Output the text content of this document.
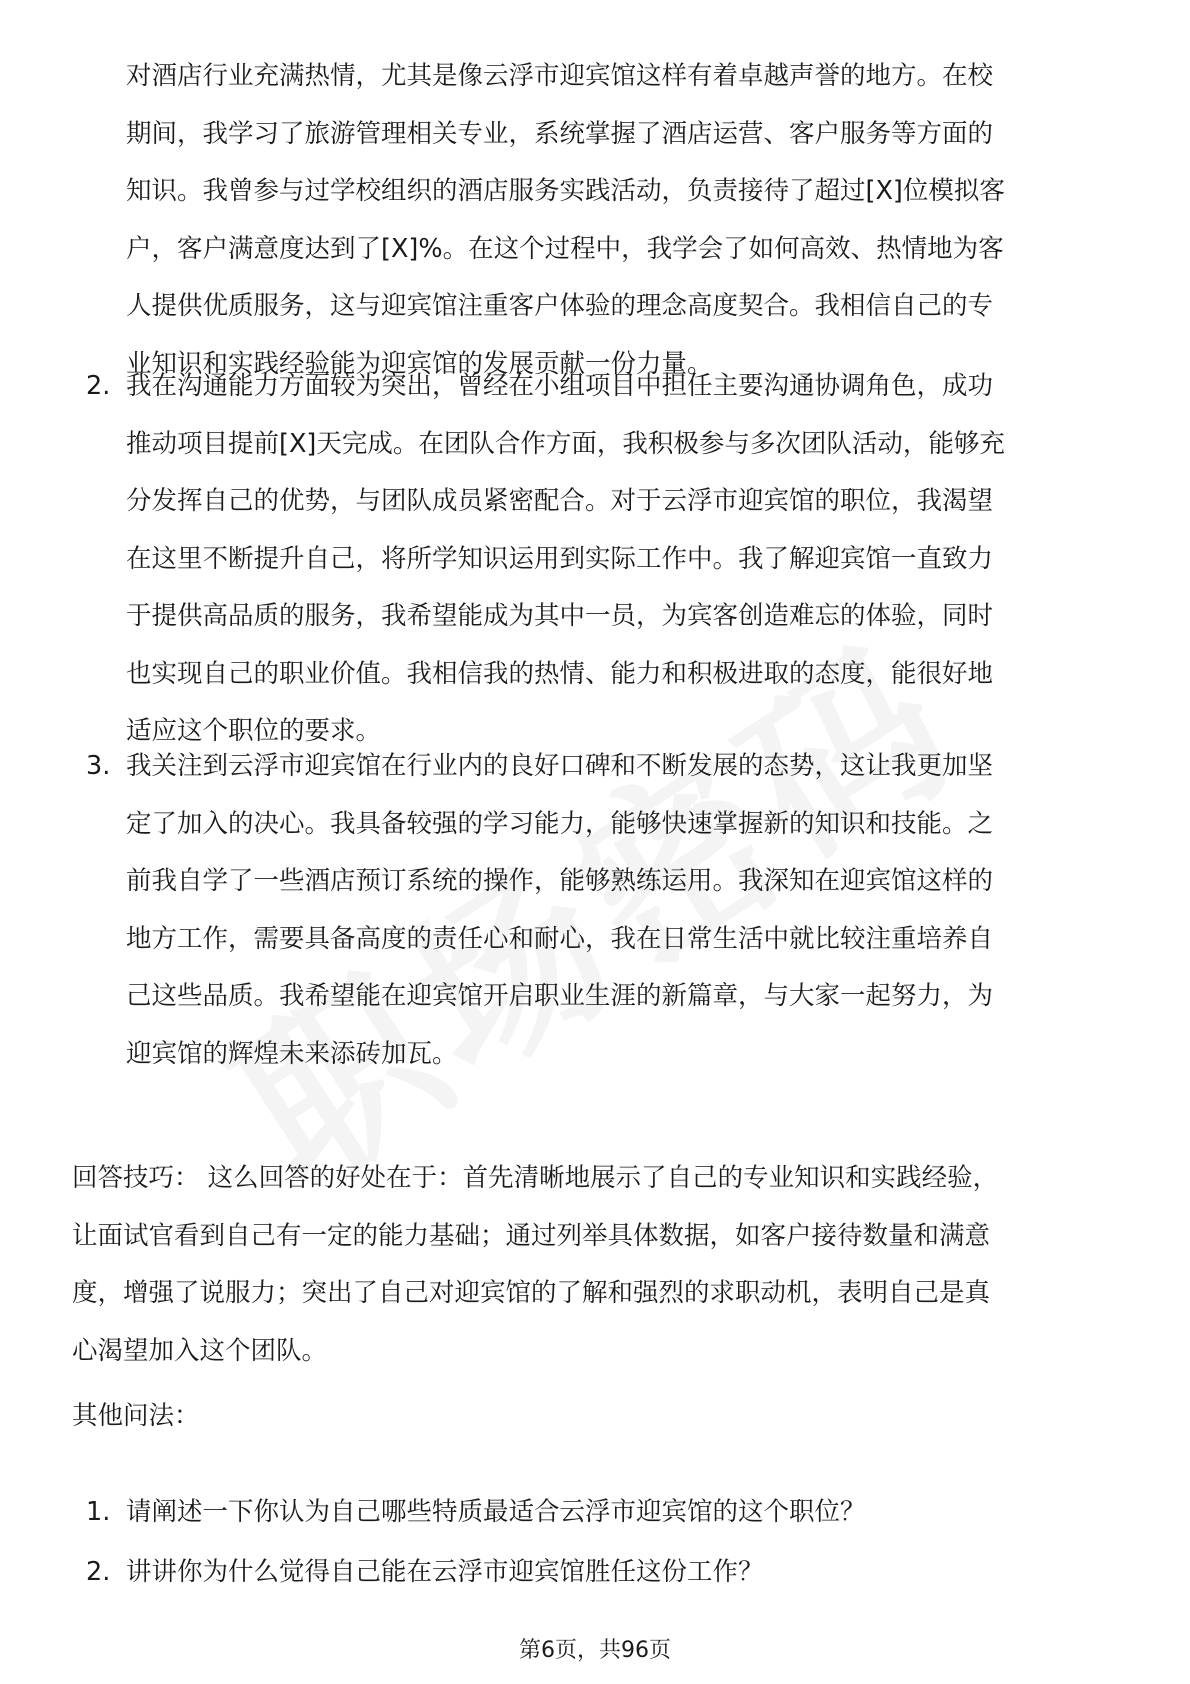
对酒店行业充满热情，尤其是像云浮市迎宾馆这样有着卓越声誉的地方。在校
期间，我学习了旅游管理相关专业，系统掌握了酒店运营、客户服务等方面的
知识。我曾参与过学校组织的酒店服务实践活动，负责接待了超过[X]位模拟客
户，客户满意度达到了[X]%。在这个过程中，我学会了如何高效、热情地为客
人提供优质服务，这与迎宾馆注重客户体验的理念高度契合。我相信自己的专
业知识和实践经验能为迎宾馆的发展贡献一份力量。
2. 我在沟通能力方面较为突出，曾经在小组项目中担任主要沟通协调角色，成功
推动项目提前[X]天完成。在团队合作方面，我积极参与多次团队活动，能够充
分发挥自己的优势，与团队成员紧密配合。对于云浮市迎宾馆的职位，我渴望
在这里不断提升自己，将所学知识运用到实际工作中。我了解迎宾馆一直致力
于提供高品质的服务，我希望能成为其中一员，为宾客创造难忘的体验，同时
也实现自己的职业价值。我相信我的热情、能力和积极进取的态度，能很好地
适应这个职位的要求。
3. 我关注到云浮市迎宾馆在行业内的良好口碑和不断发展的态势，这让我更加坚
定了加入的决心。我具备较强的学习能力，能够快速掌握新的知识和技能。之
前我自学了一些酒店预订系统的操作，能够熟练运用。我深知在迎宾馆这样的
地方工作，需要具备高度的责任心和耐心，我在日常生活中就比较注重培养自
己这些品质。我希望能在迎宾馆开启职业生涯的新篇章，与大家一起努力，为
迎宾馆的辉煌未来添砖加瓦。
回答技巧： 这么回答的好处在于：首先清晰地展示了自己的专业知识和实践经验，
让面试官看到自己有一定的能力基础；通过列举具体数据，如客户接待数量和满意
度，增强了说服力；突出了自己对迎宾馆的了解和强烈的求职动机，表明自己是真
心渴望加入这个团队。
其他问法：
1. 请阐述一下你认为自己哪些特质最适合云浮市迎宾馆的这个职位？
2. 讲讲你为什么觉得自己能在云浮市迎宾馆胜任这份工作？
第6页，共96页
